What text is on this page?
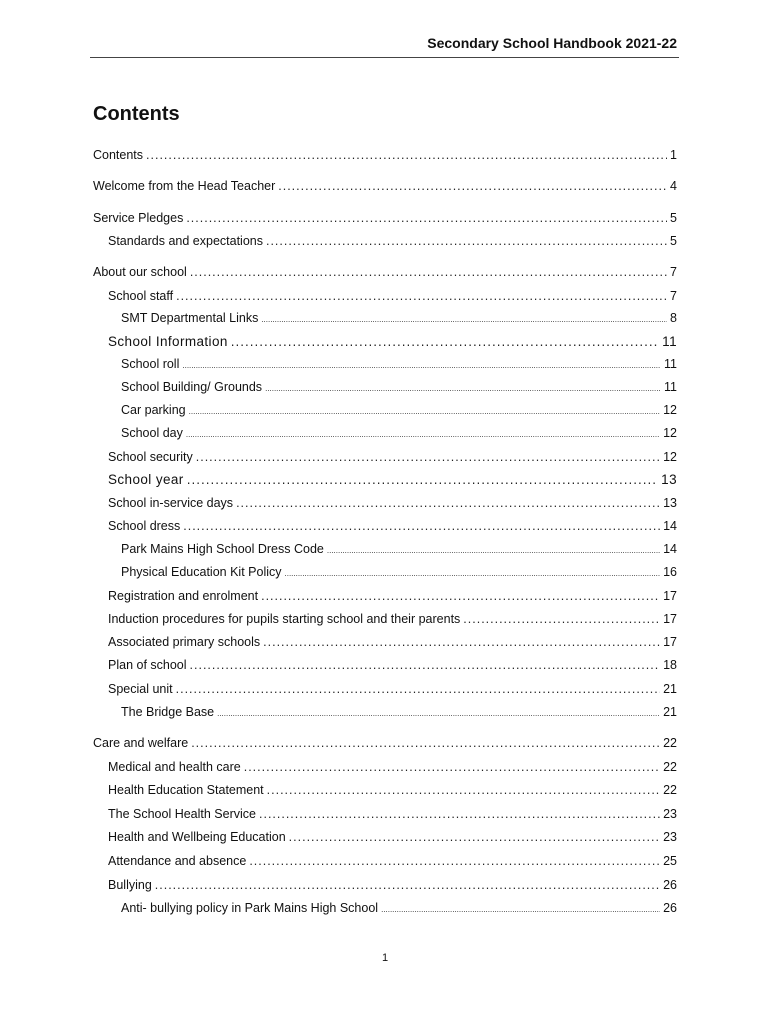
Secondary School Handbook 2021-22
Contents
Contents .....	1
Welcome from the Head Teacher .....	4
Service Pledges .....	5
Standards and expectations .....	5
About our school .....	7
School staff .....	7
SMT Departmental Links .....	8
School Information .....	11
School roll .....	11
School Building/ Grounds .....	11
Car parking .....	12
School day .....	12
School security .....	12
School year .....	13
School in-service days .....	13
School dress .....	14
Park Mains High School Dress Code .....	14
Physical Education Kit Policy .....	16
Registration and enrolment .....	17
Induction procedures for pupils starting school and their parents .....	17
Associated primary schools .....	17
Plan of school .....	18
Special unit .....	21
The Bridge Base .....	21
Care and welfare .....	22
Medical and health care .....	22
Health Education Statement .....	22
The School Health Service .....	23
Health and Wellbeing Education .....	23
Attendance and absence .....	25
Bullying .....	26
Anti- bullying policy in Park Mains High School .....	26
1
